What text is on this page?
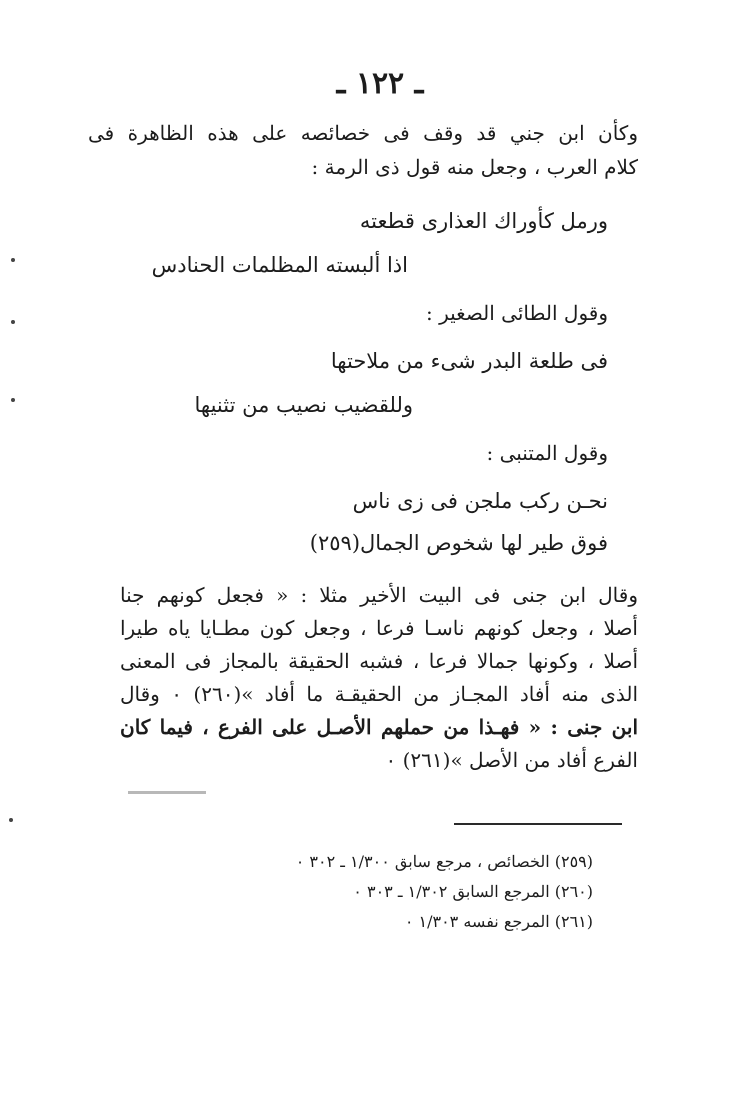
ـ ١٢٢ ـ
وكأن ابن جني قد وقف فى خصائصه على هذه الظاهرة فى
كلام العرب ، وجعل منه قول ذى الرمة :
ورمل كأوراك العذارى قطعته
اذا ألبسته المظلمات الحنادس
وقول الطائى الصغير :
فى طلعة البدر شىء من ملاحتها
وللقضيب نصيب من تثنيها
وقول المتنبى :
نحـن ركب ملجن فى زى ناس
فوق طير لها شخوص الجمال(٢٥٩)
وقال ابن جنى فى البيت الأخير مثلا : « فجعل كونهم جنا
أصلا ، وجعل كونهم ناسـا فرعا ، وجعل كون مطـايا ياه طيرا
أصلا ، وكونها جمالا فرعا ، فشبه الحقيقة بالمجاز فى المعنى
الذى منه أفاد المجـاز من الحقيقـة ما أفاد »(٢٦٠) ٠ وقال
ابن جنى : « فهـذا من حملهم الأصـل على الفرع ، فيما كان
الفرع أفاد من الأصل »(٢٦١) ٠
(٢٥٩) الخصائص ، مرجع سابق ١/٣٠٠ ـ ٣٠٢ ٠
(٢٦٠) المرجع السابق ١/٣٠٢ ـ ٣٠٣ ٠
(٢٦١) المرجع نفسه ١/٣٠٣ ٠
